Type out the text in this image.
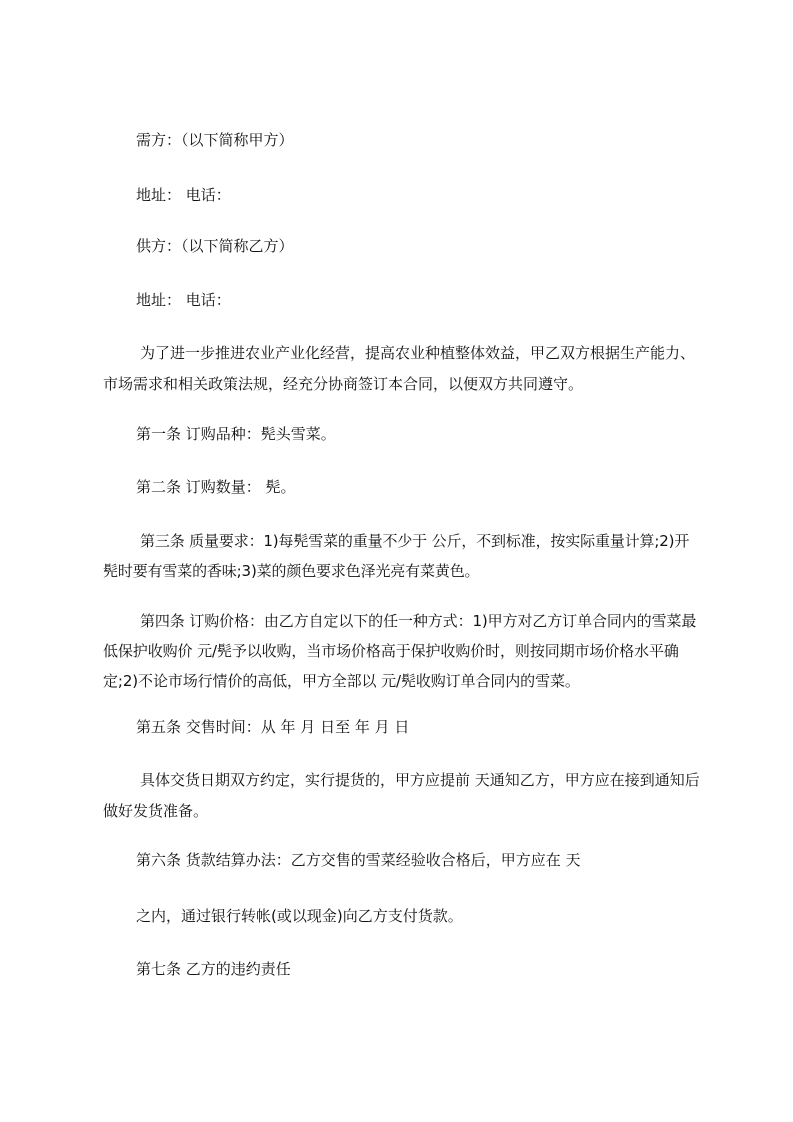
需方：（以下简称甲方）

地址： 电话：

供方：（以下简称乙方）

地址： 电话：

为了进一步推进农业产业化经营，提高农业种植整体效益，甲乙双方根据生产能力、市场需求和相关政策法规，经充分协商签订本合同，以便双方共同遵守。

第一条 订购品种：髡头雪菜。

第二条 订购数量： 髡。

第三条 质量要求：1)每髡雪菜的重量不少于 公斤，不到标准，按实际重量计算;2)开髡时要有雪菜的香味;3)菜的颜色要求色泽光亮有菜黄色。

第四条 订购价格：由乙方自定以下的任一种方式：1)甲方对乙方订单合同内的雪菜最低保护收购价 元/髡予以收购，当市场价格高于保护收购价时，则按同期市场价格水平确定;2)不论市场行情价的高低，甲方全部以 元/髡收购订单合同内的雪菜。

第五条 交售时间：从 年 月 日至 年 月 日

具体交货日期双方约定，实行提货的，甲方应提前 天通知乙方，甲方应在接到通知后做好发货准备。

第六条 货款结算办法：乙方交售的雪菜经验收合格后，甲方应在 天

之内，通过银行转帐(或以现金)向乙方支付货款。

第七条 乙方的违约责任
